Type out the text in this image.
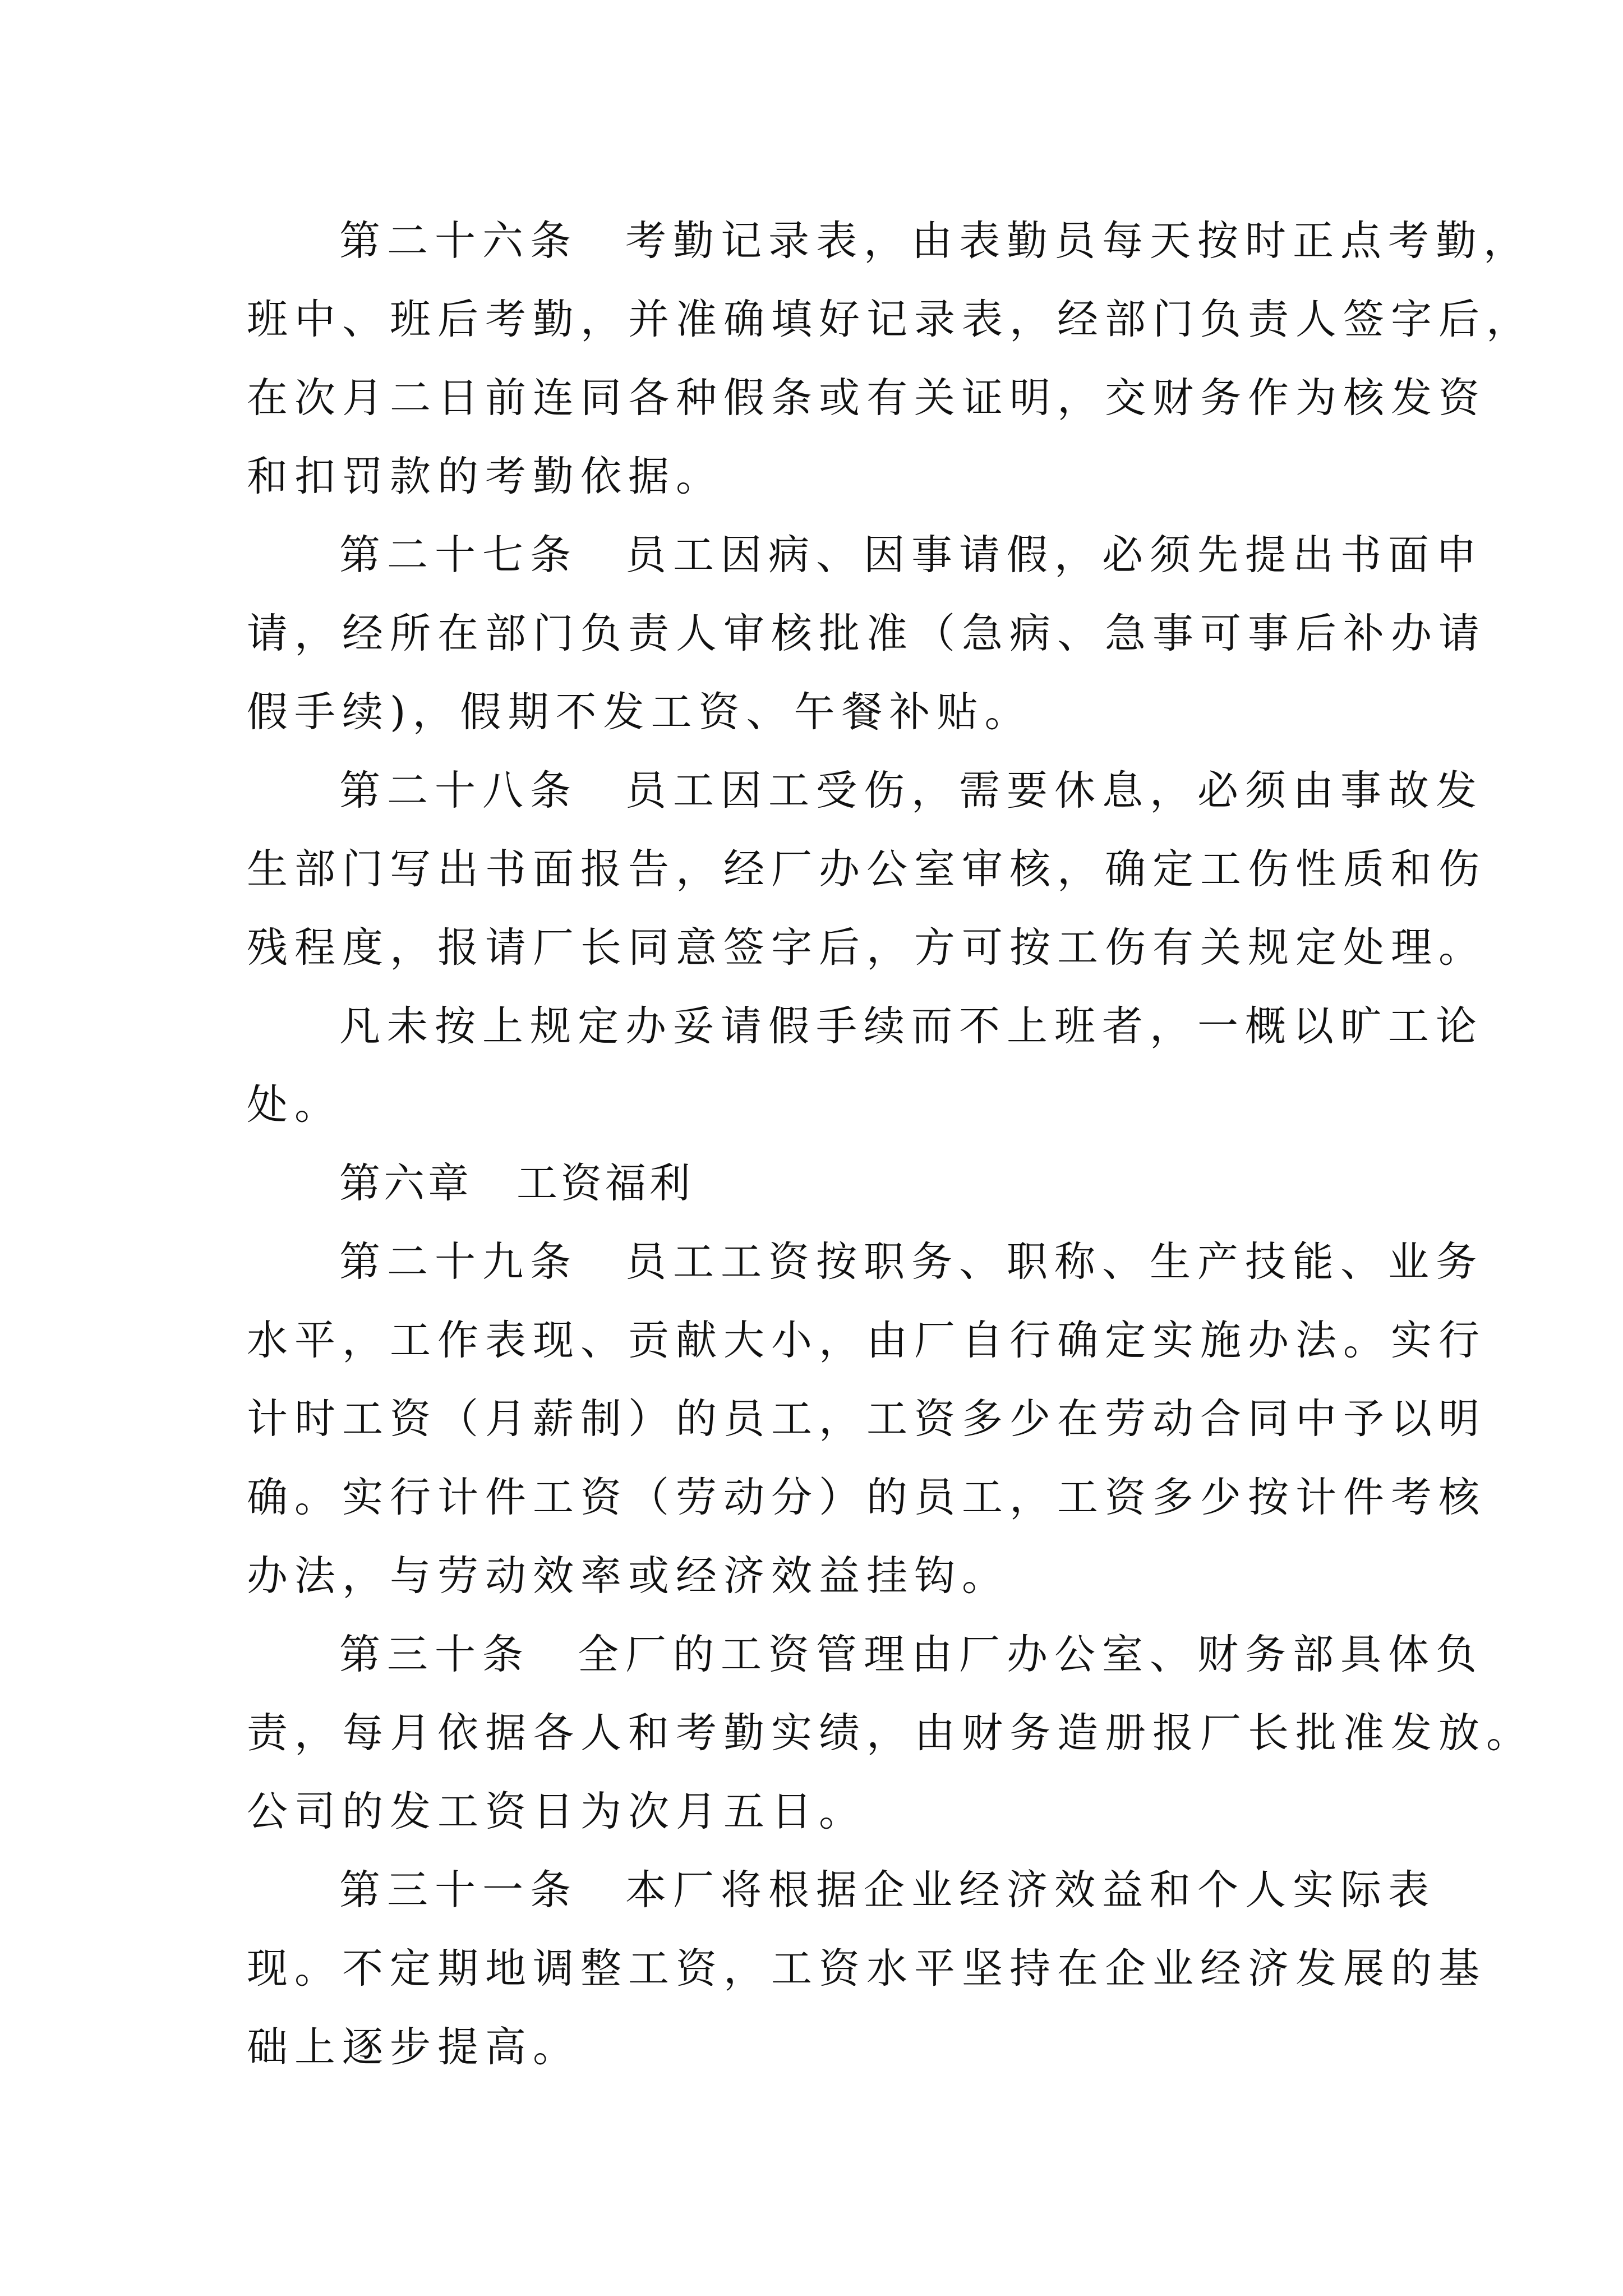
第二十六条　考勤记录表，由表勤员每天按时正点考勤，
班中、班后考勤，并准确填好记录表，经部门负责人签字后，
在次月二日前连同各种假条或有关证明，交财务作为核发资
和扣罚款的考勤依据。
第二十七条　员工因病、因事请假，必须先提出书面申
请，经所在部门负责人审核批准（急病、急事可事后补办请
假手续)，假期不发工资、午餐补贴。
第二十八条　员工因工受伤，需要休息，必须由事故发
生部门写出书面报告，经厂办公室审核，确定工伤性质和伤
残程度，报请厂长同意签字后，方可按工伤有关规定处理。
凡未按上规定办妥请假手续而不上班者，一概以旷工论
处。
第六章　工资福利
第二十九条　员工工资按职务、职称、生产技能、业务
水平，工作表现、贡献大小，由厂自行确定实施办法。实行
计时工资（月薪制）的员工，工资多少在劳动合同中予以明
确。实行计件工资（劳动分）的员工，工资多少按计件考核
办法，与劳动效率或经济效益挂钩。
第三十条　全厂的工资管理由厂办公室、财务部具体负
责，每月依据各人和考勤实绩，由财务造册报厂长批准发放。
公司的发工资日为次月五日。
第三十一条　本厂将根据企业经济效益和个人实际表
现。不定期地调整工资，工资水平坚持在企业经济发展的基
础上逐步提高。
